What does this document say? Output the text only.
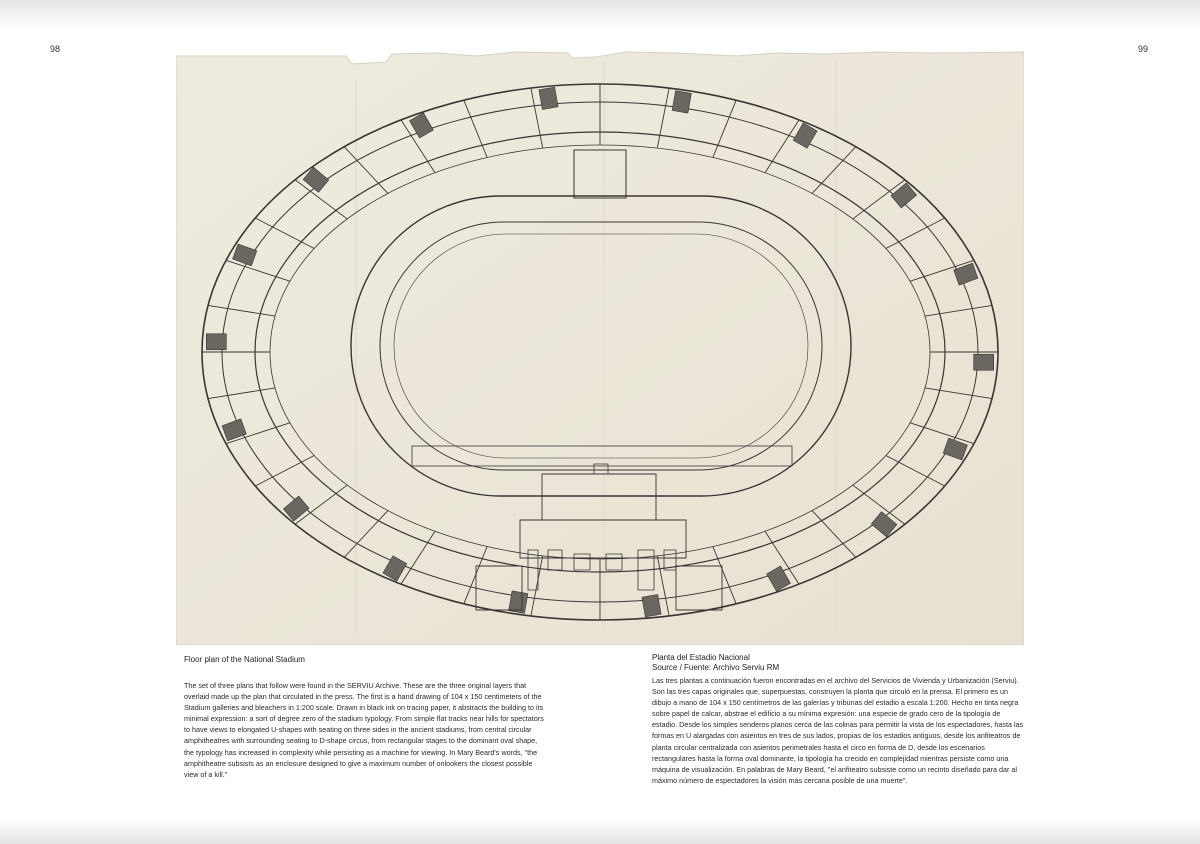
98	99

Floor plan of the National Stadium

The set of three plans that follow were found in the SERVIU Archive. These are the three original layers that overlaid made up the plan that circulated in the press. The first is a hand drawing of 104 x 150 centimeters of the Stadium galleries and bleachers in 1:200 scale. Drawn in black ink on tracing paper, it abstracts the building to its minimal expression: a sort of degree zero of the stadium typology. From simple flat tracks near hills for spectators to have views to elongated U-shapes with seating on three sides in the ancient stadiums, from central circular amphitheatres with surrounding seating to D-shape circus, from rectangular stages to the dominant oval shape, the typology has increased in complexity while persisting as a machine for viewing. In Mary Beard's words, "the amphitheatre subsists as an enclosure designed to give a maximum number of onlookers the closest possible view of a kill."

Planta del Estadio Nacional

Source / Fuente: Archivo Serviu RM

Las tres plantas a continuación fueron encontradas en el archivo del Servicios de Vivienda y Urbanización (Serviu). Son las tres capas originales que, superpuestas, construyen la planta que circuló en la prensa. El primero es un dibujo a mano de 104 x 150 centímetros de las galerías y tribunas del estadio a escala 1:200. Hecho en tinta negra sobre papel de calcar, abstrae el edificio a su mínima expresión: una especie de grado cero de la tipología de estadio. Desde los simples senderos planos cerca de las colinas para permitir la vista de los espectadores, hasta las formas en U alargadas con asientos en tres de sus lados, propias de los estadios antiguos, desde los anfiteatros de planta circular centralizada con asientos perimetrales hasta el circo en forma de D, desde los escenarios rectangulares hasta la forma oval dominante, la tipología ha crecido en complejidad mientras persiste como una máquina de visualización. En palabras de Mary Beard, "el anfiteatro subsiste como un recinto diseñado para dar al máximo número de espectadores la visión más cercana posible de una muerte".
